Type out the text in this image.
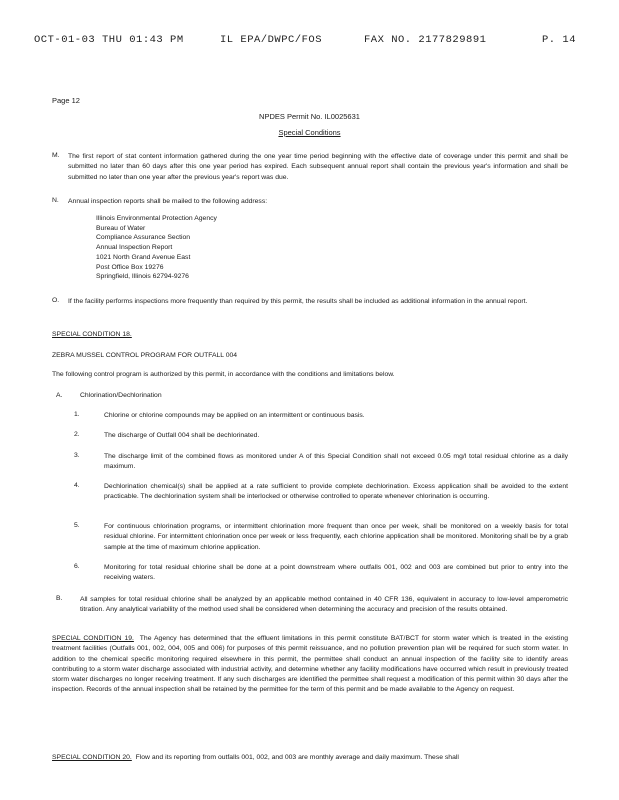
OCT-01-03 THU 01:43 PM	IL EPA/DWPC/FOS	FAX NO. 2177829891	P. 14
Page 12
NPDES Permit No. IL0025631
Special Conditions
M. The first report of stat content information gathered during the one year time period beginning with the effective date of coverage under this permit and shall be submitted no later than 60 days after this one year period has expired. Each subsequent annual report shall contain the previous year's information and shall be submitted no later than one year after the previous year's report was due.
N. Annual inspection reports shall be mailed to the following address:
Illinois Environmental Protection Agency
Bureau of Water
Compliance Assurance Section
Annual Inspection Report
1021 North Grand Avenue East
Post Office Box 19276
Springfield, Illinois 62794-9276
O. If the facility performs inspections more frequently than required by this permit, the results shall be included as additional information in the annual report.
SPECIAL CONDITION 18.
ZEBRA MUSSEL CONTROL PROGRAM FOR OUTFALL 004
The following control program is authorized by this permit, in accordance with the conditions and limitations below.
A.	Chlorination/Dechlorination
1.	Chlorine or chlorine compounds may be applied on an intermittent or continuous basis.
2.	The discharge of Outfall 004 shall be dechlorinated.
3.	The discharge limit of the combined flows as monitored under A of this Special Condition shall not exceed 0.05 mg/l total residual chlorine as a daily maximum.
4.	Dechlorination chemical(s) shall be applied at a rate sufficient to provide complete dechlorination. Excess application shall be avoided to the extent practicable. The dechlorination system shall be interlocked or otherwise controlled to operate whenever chlorination is occurring.
5.	For continuous chlorination programs, or intermittent chlorination more frequent than once per week, shall be monitored on a weekly basis for total residual chlorine. For intermittent chlorination once per week or less frequently, each chlorine application shall be monitored. Monitoring shall be by a grab sample at the time of maximum chlorine application.
6.	Monitoring for total residual chlorine shall be done at a point downstream where outfalls 001, 002 and 003 are combined but prior to entry into the receiving waters.
B.	All samples for total residual chlorine shall be analyzed by an applicable method contained in 40 CFR 136, equivalent in accuracy to low-level amperometric titration. Any analytical variability of the method used shall be considered when determining the accuracy and precision of the results obtained.
SPECIAL CONDITION 19. The Agency has determined that the effluent limitations in this permit constitute BAT/BCT for storm water which is treated in the existing treatment facilities (Outfalls 001, 002, 004, 005 and 006) for purposes of this permit reissuance, and no pollution prevention plan will be required for such storm water. In addition to the chemical specific monitoring required elsewhere in this permit, the permittee shall conduct an annual inspection of the facility site to identify areas contributing to a storm water discharge associated with industrial activity, and determine whether any facility modifications have occurred which result in previously treated storm water discharges no longer receiving treatment. If any such discharges are identified the permittee shall request a modification of this permit within 30 days after the inspection. Records of the annual inspection shall be retained by the permittee for the term of this permit and be made available to the Agency on request.
SPECIAL CONDITION 20. Flow and its reporting from outfalls 001, 002, and 003 are monthly average and daily maximum. These shall
